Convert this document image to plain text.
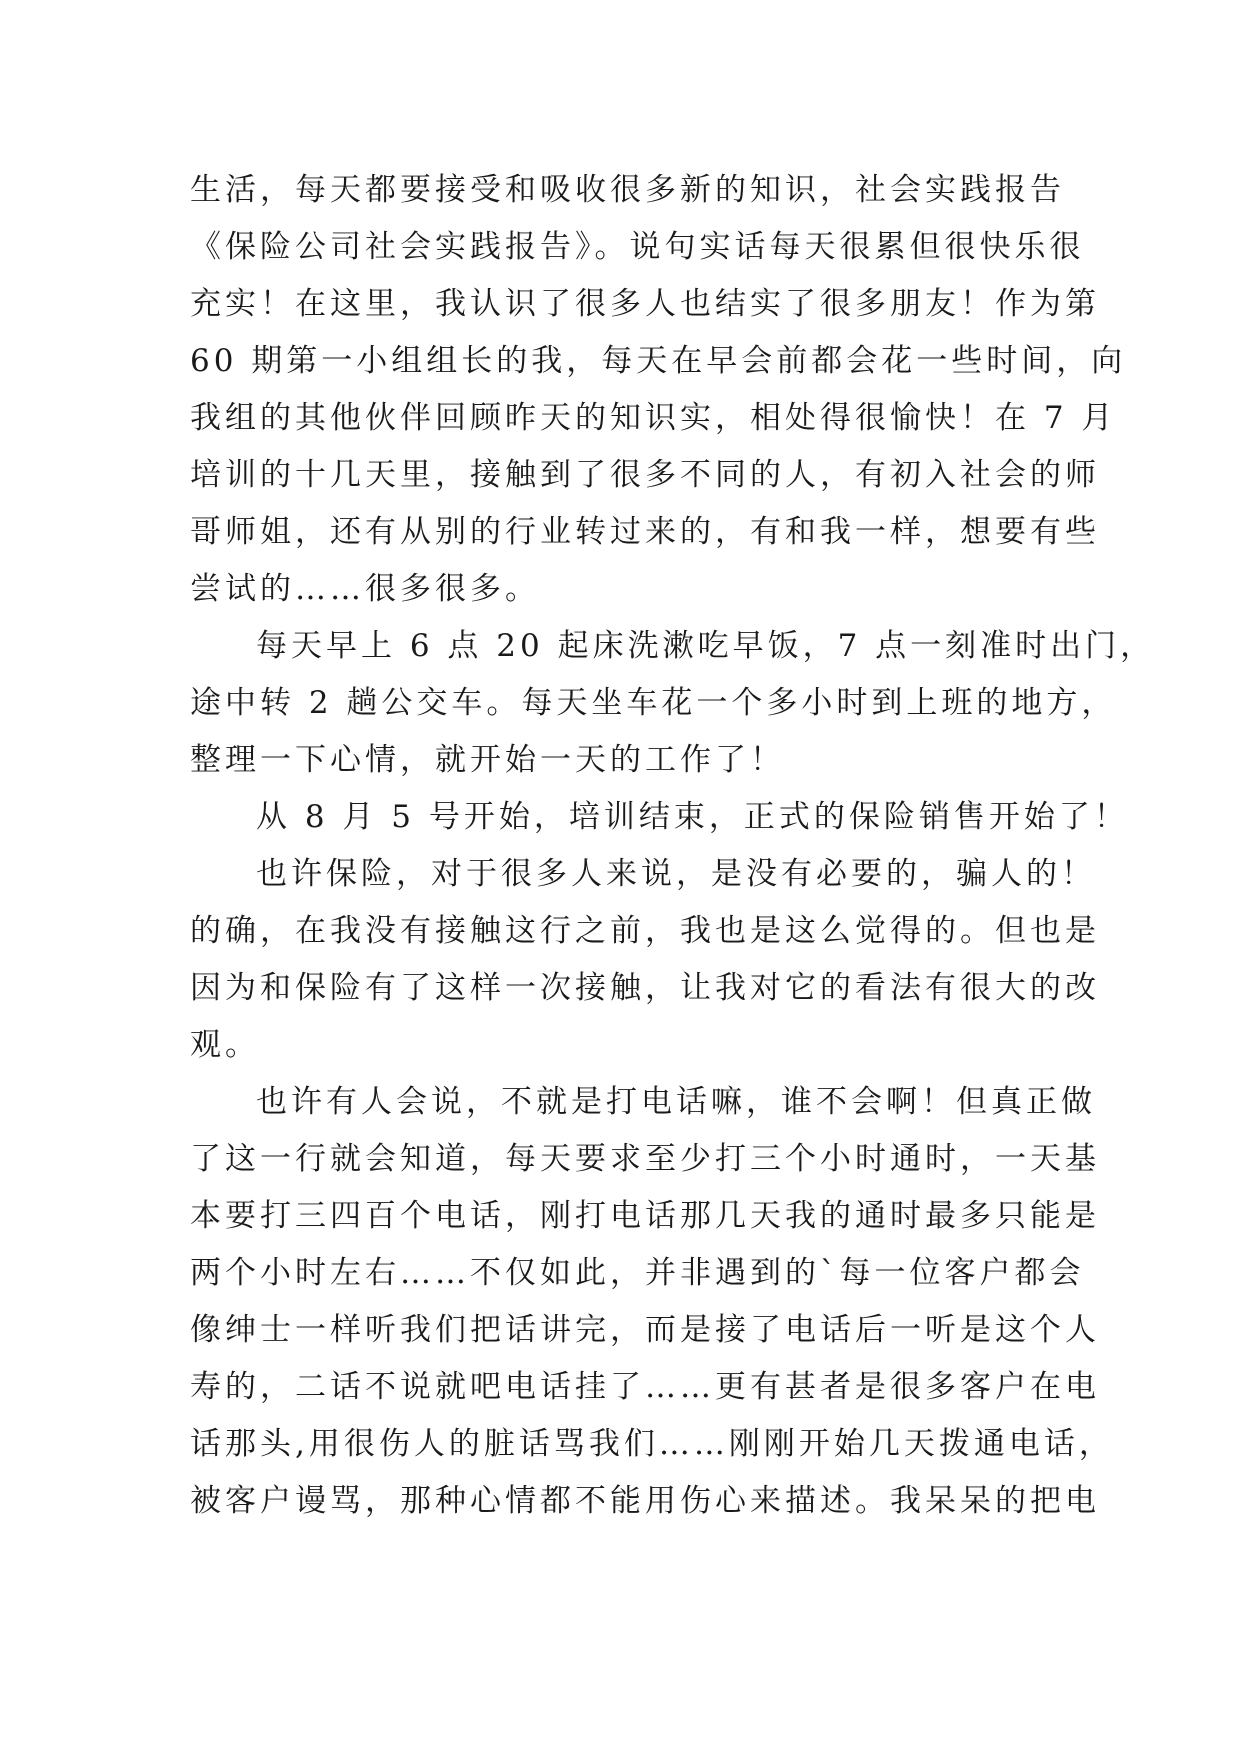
生活，每天都要接受和吸收很多新的知识，社会实践报告
《保险公司社会实践报告》。说句实话每天很累但很快乐很
充实！在这里，我认识了很多人也结实了很多朋友！作为第
60 期第一小组组长的我，每天在早会前都会花一些时间，向
我组的其他伙伴回顾昨天的知识实，相处得很愉快！在 7 月
培训的十几天里，接触到了很多不同的人，有初入社会的师
哥师姐，还有从别的行业转过来的，有和我一样，想要有些
尝试的……很多很多。
每天早上 6 点 20 起床洗漱吃早饭，7 点一刻准时出门，
途中转 2 趟公交车。每天坐车花一个多小时到上班的地方，
整理一下心情，就开始一天的工作了！
从 8 月 5 号开始，培训结束，正式的保险销售开始了！
也许保险，对于很多人来说，是没有必要的，骗人的！
的确，在我没有接触这行之前，我也是这么觉得的。但也是
因为和保险有了这样一次接触，让我对它的看法有很大的改
观。
也许有人会说，不就是打电话嘛，谁不会啊！但真正做
了这一行就会知道，每天要求至少打三个小时通时，一天基
本要打三四百个电话，刚打电话那几天我的通时最多只能是
两个小时左右……不仅如此，并非遇到的`每一位客户都会
像绅士一样听我们把话讲完，而是接了电话后一听是这个人
寿的，二话不说就吧电话挂了……更有甚者是很多客户在电
话那头,用很伤人的脏话骂我们……刚刚开始几天拨通电话，
被客户谩骂，那种心情都不能用伤心来描述。我呆呆的把电
